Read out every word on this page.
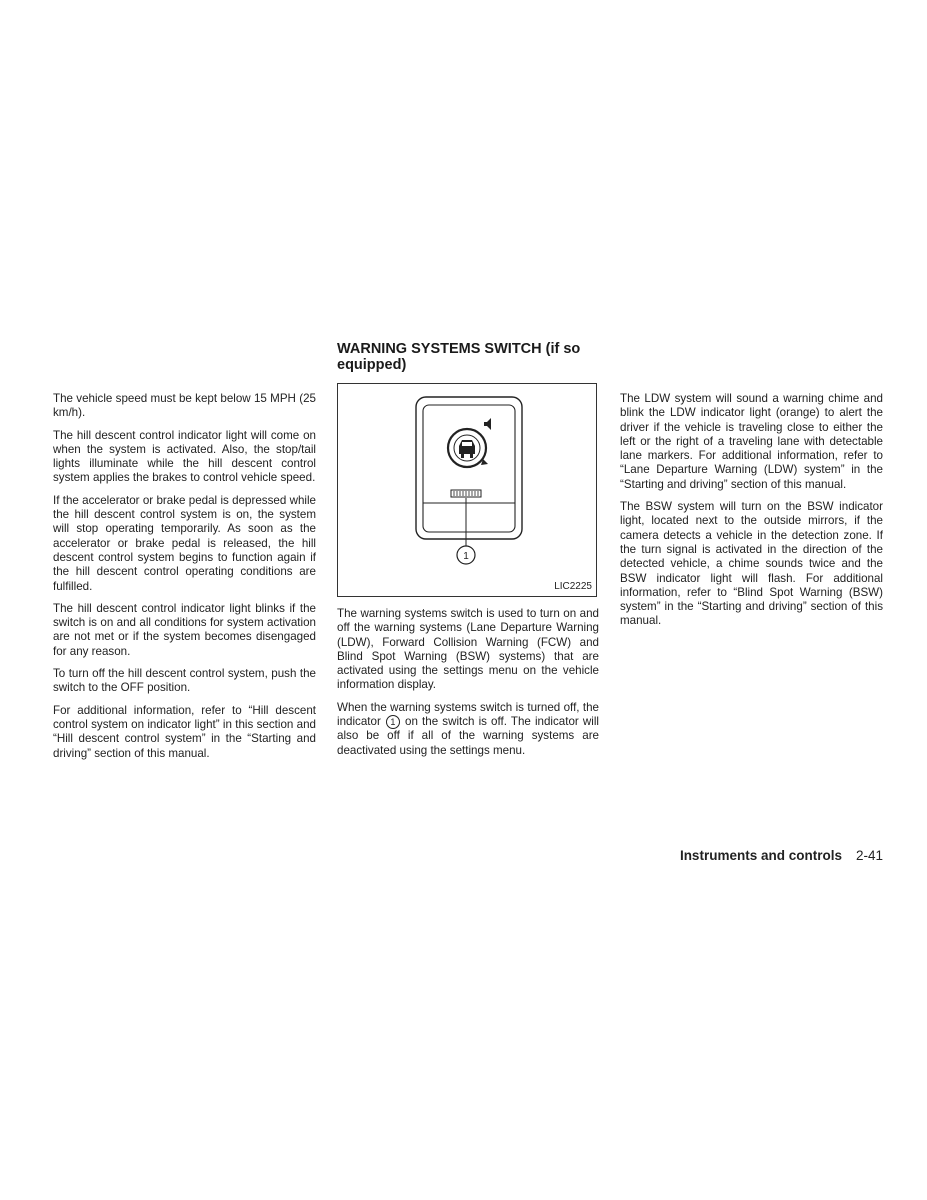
The vehicle speed must be kept below 15 MPH (25 km/h).

The hill descent control indicator light will come on when the system is activated. Also, the stop/tail lights illuminate while the hill descent control system applies the brakes to control vehicle speed.

If the accelerator or brake pedal is depressed while the hill descent control system is on, the system will stop operating temporarily. As soon as the accelerator or brake pedal is released, the hill descent control system begins to function again if the hill descent control operating conditions are fulfilled.

The hill descent control indicator light blinks if the switch is on and all conditions for system activation are not met or if the system becomes disengaged for any reason.

To turn off the hill descent control system, push the switch to the OFF position.

For additional information, refer to “Hill descent control system on indicator light” in this section and “Hill descent control system” in the “Starting and driving” section of this manual.

WARNING SYSTEMS SWITCH (if so equipped)
1
LIC2225

The warning systems switch is used to turn on and off the warning systems (Lane Departure Warning (LDW), Forward Collision Warning (FCW) and Blind Spot Warning (BSW) systems) that are activated using the settings menu on the vehicle information display.

When the warning systems switch is turned off, the indicator 1 on the switch is off. The indicator will also be off if all of the warning systems are deactivated using the settings menu.

The LDW system will sound a warning chime and blink the LDW indicator light (orange) to alert the driver if the vehicle is traveling close to either the left or the right of a traveling lane with detectable lane markers. For additional information, refer to “Lane Departure Warning (LDW) system” in the “Starting and driving” section of this manual.

The BSW system will turn on the BSW indicator light, located next to the outside mirrors, if the camera detects a vehicle in the detection zone. If the turn signal is activated in the direction of the detected vehicle, a chime sounds twice and the BSW indicator light will flash. For additional information, refer to “Blind Spot Warning (BSW) system” in the “Starting and driving” section of this manual.

Instruments and controls 2-41
